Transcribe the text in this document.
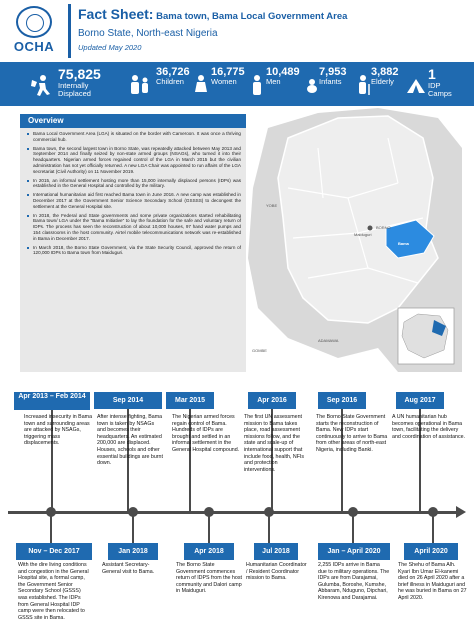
OCHA
Fact Sheet: Bama town, Bama Local Government Area
Borno State, North-east Nigeria
Updated May 2020
75,825
Internally
Displaced
36,726
Children
16,775
Women
10,489
Men
7,953
Infants
3,882
Elderly	1
IDP
Camps
Overview

Bama Local Government Area (LGA) is situated on the border with Cameroon. It was once a thriving commercial hub.

Bama town, the second largest town in Borno State, was repeatedly attacked between May 2013 and September 2014 and finally seized by non-state armed groups (NSAGs), who turned it into their headquarters. Nigerian armed forces regained control of the LGA in March 2015 but the civilian administration has not yet officially returned. A new LGA Chair was appointed to run affairs of the LGA secretariat (Civil Authority) on 11 November 2019.

In 2015, an informal settlement hosting more than 15,000 internally displaced persons (IDPs) was established in the General Hospital and controlled by the military.

International humanitarian aid first reached Bama town in June 2016. A new camp was established in December 2017 at the Government Senior Science Secondary School (GSSSS) to decongest the settlement at the General Hospital site.

In 2018, the Federal and State governments and some private organizations started rehabilitating Bama town/ LGA under the "Bama Initiative" to lay the foundation for the safe and voluntary return of IDPs. The process has seen the reconstruction of about 10,000 houses, 97 hand water pumps and 154 classrooms in the host community. Airtel mobile telecommunications network was re-established in Bama in December 2017.

In March 2018, the Borno State Government, via the State Security Council, approved the return of 120,000 IDPs to Bama town from Maiduguri.

BORNO
Bama
YOBE
ADAMAWA
GOMBE
Maiduguri
Apr 2013 – Feb 2014
Increased insecurity in Bama town and surrounding areas are attacked by NSAGs, triggering mass displacements.
Sep 2014
After intense fighting, Bama town is taken by NSAGs and becomes their headquarters. An estimated 200,000 are displaced. Houses, schools and other essential buildings are burnt down.
Mar 2015
The Nigerian armed forces regain control of Bama. Hundreds of IDPs are brought and settled in an informal settlement in the General Hospital compound.
Apr 2016
The first UN assessment mission to Bama takes place, road assessment missions follow, and the state and scale-up of international support that include food, health, NFIs and protection interventions.
Sep 2016
The Borno State Government starts the reconstruction of Bama. New IDPs start continuously to arrive to Bama from other areas of north-east Nigeria, including Banki.
Aug 2017
A UN humanitarian hub becomes operational in Bama town, facilitating the delivery and coordination of assistance.
Nov – Dec 2017
With the dire living conditions and congestion in the General Hospital site, a formal camp, the Government Senior Secondary School (GSSS) was established. The IDPs from General Hospital IDP camp were then relocated to GSSS site in Bama.
Jan 2018
Assistant Secretary-General visit to Bama.
Apr 2018
The Borno State Government commences return of IDPS from the host community and Dalori camp in Maiduguri.
Jul 2018
Humanitarian Coordinator / Resident Coordinator mission to Bama.
Jan – April 2020
2,255 IDPs arrive in Bama due to military operations. The IDPs are from Darajamai, Gulumba, Boroshe, Kumshe, Abbaram, Nduguno, Dipchari, Kirenowa and Darajamai.
April 2020
The Shehu of Bama Alh. Kyari Ibn Umar El-kanemi died on 26 April 2020 after a brief illness in Maiduguri and he was buried in Bama on 27 April 2020.
